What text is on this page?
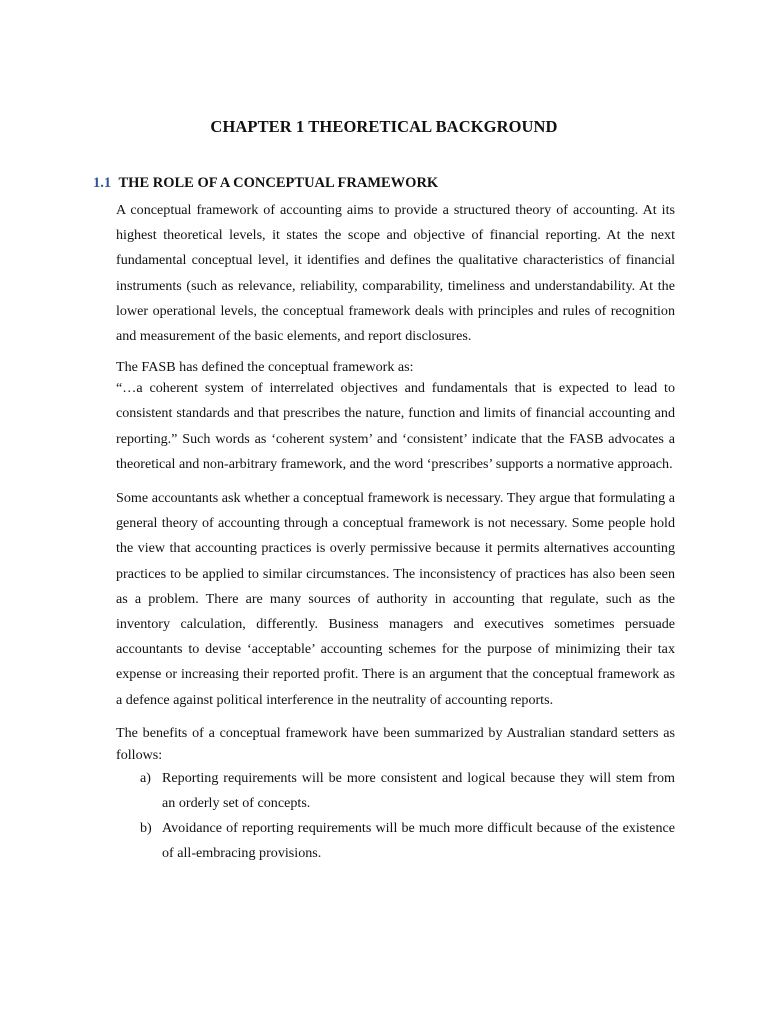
CHAPTER 1 THEORETICAL BACKGROUND
1.1 THE ROLE OF A CONCEPTUAL FRAMEWORK

A conceptual framework of accounting aims to provide a structured theory of accounting. At its highest theoretical levels, it states the scope and objective of financial reporting. At the next fundamental conceptual level, it identifies and defines the qualitative characteristics of financial instruments (such as relevance, reliability, comparability, timeliness and understandability. At the lower operational levels, the conceptual framework deals with principles and rules of recognition and measurement of the basic elements, and report disclosures.

The FASB has defined the conceptual framework as:

“…a coherent system of interrelated objectives and fundamentals that is expected to lead to consistent standards and that prescribes the nature, function and limits of financial accounting and reporting.” Such words as ‘coherent system’ and ‘consistent’ indicate that the FASB advocates a theoretical and non-arbitrary framework, and the word ‘prescribes’ supports a normative approach.

Some accountants ask whether a conceptual framework is necessary. They argue that formulating a general theory of accounting through a conceptual framework is not necessary. Some people hold the view that accounting practices is overly permissive because it permits alternatives accounting practices to be applied to similar circumstances. The inconsistency of practices has also been seen as a problem. There are many sources of authority in accounting that regulate, such as the inventory calculation, differently. Business managers and executives sometimes persuade accountants to devise ‘acceptable’ accounting schemes for the purpose of minimizing their tax expense or increasing their reported profit. There is an argument that the conceptual framework as a defence against political interference in the neutrality of accounting reports.

The benefits of a conceptual framework have been summarized by Australian standard setters as follows:

a) Reporting requirements will be more consistent and logical because they will stem from an orderly set of concepts.
b) Avoidance of reporting requirements will be much more difficult because of the existence of all-embracing provisions.
